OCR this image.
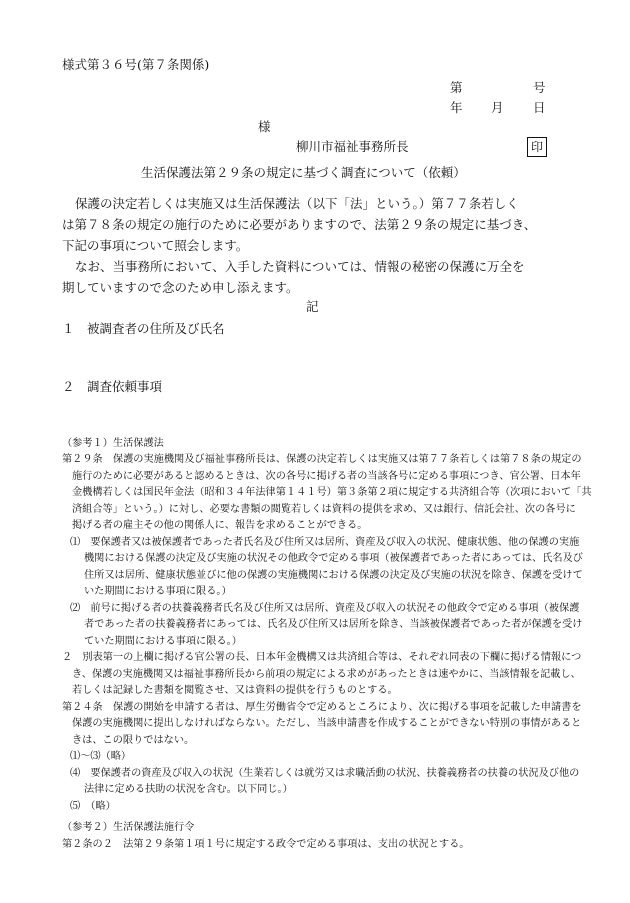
様式第３６号(第７条関係)
第	号
年 月 日
様
柳川市福祉事務所長	印
生活保護法第２９条の規定に基づく調査について（依頼）
保護の決定若しくは実施又は生活保護法（以下「法」という。）第７７条若しく
は第７８条の規定の施行のために必要がありますので、法第２９条の規定に基づき、
下記の事項について照会します。
なお、当事務所において、入手した資料については、情報の秘密の保護に万全を
期していますので念のため申し添えます。
記
１　被調査者の住所及び氏名
２　調査依頼事項
（参考１）生活保護法
第２９条　保護の実施機関及び福祉事務所長は、保護の決定若しくは実施又は第７７条若しくは第７８条の規定の
施行のために必要があると認めるときは、次の各号に掲げる者の当該各号に定める事項につき、官公署、日本年
金機構若しくは国民年金法（昭和３４年法律第１４１号）第３条第２項に規定する共済組合等（次項において「共
済組合等」という。）に対し、必要な書類の閲覧若しくは資料の提供を求め、又は銀行、信託会社、次の各号に
掲げる者の雇主その他の関係人に、報告を求めることができる。
⑴　要保護者又は被保護者であった者氏名及び住所又は居所、資産及び収入の状況、健康状態、他の保護の実施
機関における保護の決定及び実施の状況その他政令で定める事項（被保護者であった者にあっては、氏名及び
住所又は居所、健康状態並びに他の保護の実施機関における保護の決定及び実施の状況を除き、保護を受けて
いた期間における事項に限る。）
⑵　前号に掲げる者の扶養義務者氏名及び住所又は居所、資産及び収入の状況その他政令で定める事項（被保護
者であった者の扶養義務者にあっては、氏名及び住所又は居所を除き、当該被保護者であった者が保護を受け
ていた期間における事項に限る。）
２　別表第一の上欄に掲げる官公署の長、日本年金機構又は共済組合等は、それぞれ同表の下欄に掲げる情報につ
き、保護の実施機関又は福祉事務所長から前項の規定による求めがあったときは速やかに、当該情報を記載し、
若しくは記録した書類を閲覧させ、又は資料の提供を行うものとする。
第２４条　保護の開始を申請する者は、厚生労働省令で定めるところにより、次に掲げる事項を記載した申請書を
保護の実施機関に提出しなければならない。ただし、当該申請書を作成することができない特別の事情があると
きは、この限りではない。
⑴～⑶（略）
⑷　要保護者の資産及び収入の状況（生業若しくは就労又は求職活動の状況、扶養義務者の扶養の状況及び他の
法律に定める扶助の状況を含む。以下同じ。）
⑸　（略）
（参考２）生活保護法施行令
第２条の２　法第２９条第１項１号に規定する政令で定める事項は、支出の状況とする。
